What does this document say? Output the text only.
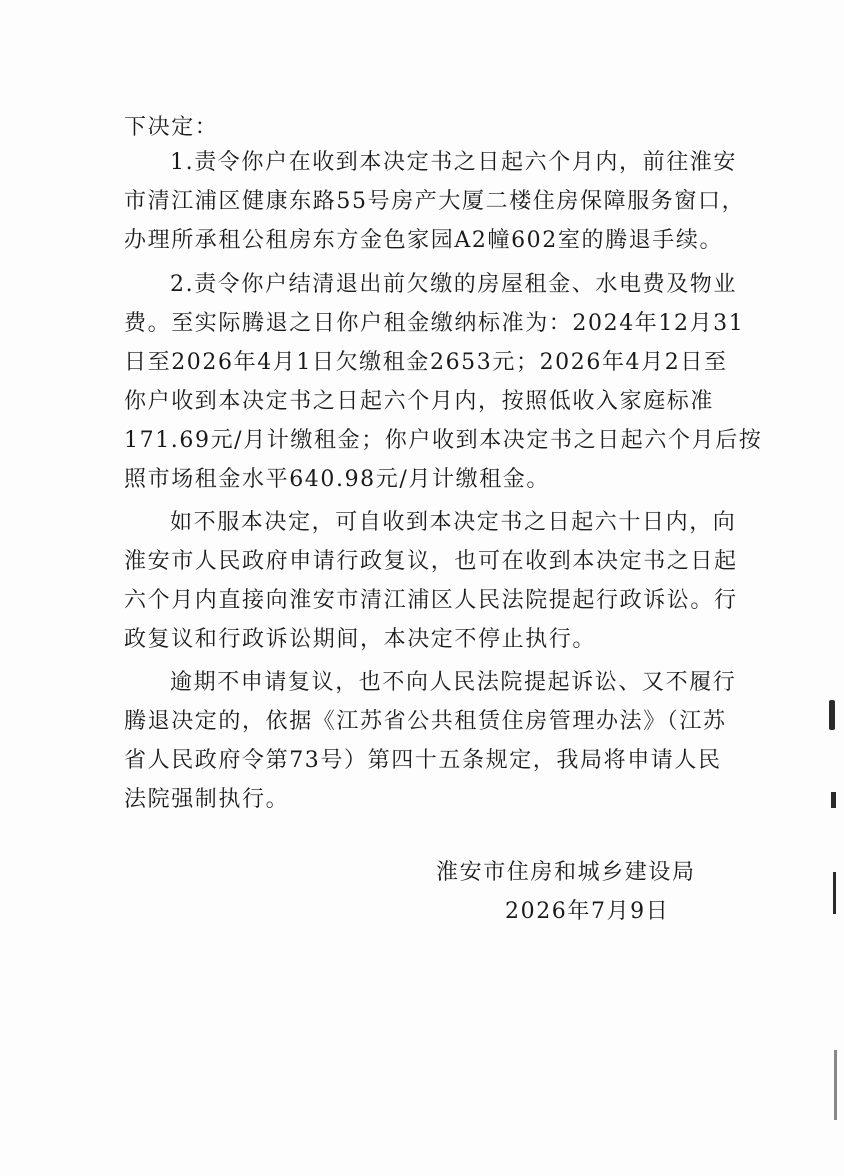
下决定：
1.责令你户在收到本决定书之日起六个月内，前往淮安
市清江浦区健康东路55号房产大厦二楼住房保障服务窗口，
办理所承租公租房东方金色家园A2幢602室的腾退手续。
2.责令你户结清退出前欠缴的房屋租金、水电费及物业
费。至实际腾退之日你户租金缴纳标准为：2024年12月31
日至2026年4月1日欠缴租金2653元；2026年4月2日至
你户收到本决定书之日起六个月内，按照低收入家庭标准
171.69元/月计缴租金；你户收到本决定书之日起六个月后按
照市场租金水平640.98元/月计缴租金。
如不服本决定，可自收到本决定书之日起六十日内，向
淮安市人民政府申请行政复议，也可在收到本决定书之日起
六个月内直接向淮安市清江浦区人民法院提起行政诉讼。行
政复议和行政诉讼期间，本决定不停止执行。
逾期不申请复议，也不向人民法院提起诉讼、又不履行
腾退决定的，依据《江苏省公共租赁住房管理办法》（江苏
省人民政府令第73号）第四十五条规定，我局将申请人民
法院强制执行。
淮安市住房和城乡建设局
2026年7月9日
